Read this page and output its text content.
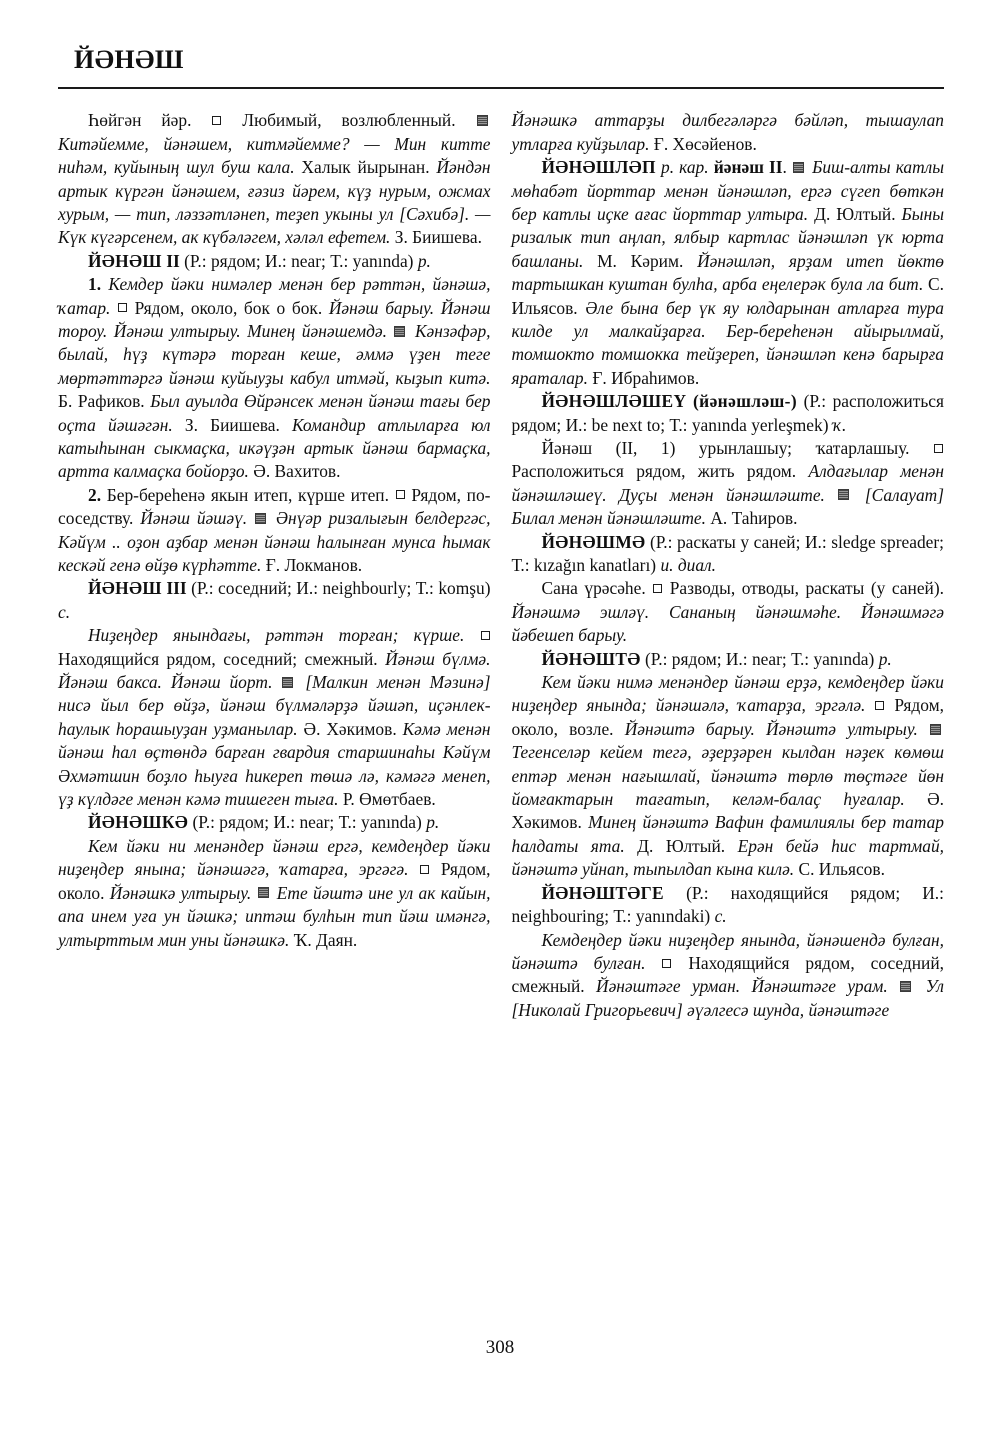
ЙӘНӘШ

Һөйгән йәр.	Любимый, возлюбленный.  Китәйемме, йәнәшем, китмәйемме? — Мин китте ниһәм, куйының шул буш кала. Халык йырынан. Йәндән артык күргән йәнәшем, ғәзиз йәрем, күҙ нурым, ожмах хурым, — тип, ләззәтләнеп, теҙеп укыны ул [Сәхибә]. — Күк күгәрсенем, ак күбәләгем, хәләл ефетем. З. Биишева.

ЙӘНӘШ II (Р.: рядом; И.: near; Т.: yanında) р.

1. Кемдер йәки нимәлер менән бер рәттән, йәнәшә, ҡатар. Рядом, около, бок о бок. Йәнәш барыу. Йәнәш тороу. Йәнәш ултырыу. Минең йәнәшемдә. Кәнзәфәр, былай, һүҙ күтәрә торған кеше, әммә үҙен теге мөртәттәргә йәнәш куйыуҙы кабул итмәй, кыҙып китә. Б. Рафиков. Был ауылда Өйрәнсек менән йәнәш тағы бер оҫта йәшәгән. З. Биишева. Командир атлыларға юл катыһынан сыкмаҫка, икәүҙән артык йәнәш бармаҫка, артта калмаҫка бойорҙо. Ә. Вахитов.

2. Бер-береһенә якын итеп, күрше итеп. Рядом, по-соседству. Йәнәш йәшәү. Әнүәр ризалығын белдергәс, Кәйүм .. оҙон аҙбар менән йәнәш һалынған мунса һымак кескәй генә өйҙө күрһәтте. Ғ. Локманов.

ЙӘНӘШ III (Р.: соседний; И.: neighbourly; Т.: komşu) с.

Ниҙеңдер янындағы, рәттән торған; күрше.  Находящийся рядом, соседний; смежный. Йәнәш бүлмә. Йәнәш бакса. Йәнәш йорт. [Малкин менән Мәзинә] нисә йыл бер өйҙә, йәнәш бүлмәләрҙә йәшәп, иҫәнлек-һаулык һорашыуҙан уҙманылар. Ә. Хәкимов. Кәмә менән йәнәш һал өҫтөндә барған гвардия старшинаһы Кәйүм Әхмәтшин боҙло һыуға һикереп төшә лә, кәмәгә менеп, үҙ күлдәге менән кәмә тишеген тыға. Р. Өмөтбаев.

ЙӘНӘШКӘ (Р.: рядом; И.: near; Т.: yanında) р.

Кем йәки ни менәндер йәнәш ергә, кемдеңдер йәки ниҙеңдер янына; йәнәшәгә, ҡатарға, эргәгә. Рядом, около. Йәнәшкә ултырыу. Ете йәштә ине ул ак кайын, апа инем уға ун йәшкә; иптәш булһын тип йәш имәнгә, ултырттым мин уны йәнәшкә. Ҡ. Даян.

Йәнәшкә аттарҙы дилбегәләргә бәйләп, тышаулап утларға куйҙылар. Ғ. Хөсәйенов.

ЙӘНӘШЛӘП р. кар. йәнәш II.  Биш-алты катлы мөһабәт йорттар менән йәнәшләп, ергә сүгеп бөткән бер катлы иҫке ағас йорттар ултыра. Д. Юлтый. Быны ризалык тип аңлап, ялбыр картлас йәнәшләп үк юрта башланы. М. Кәрим. Йәнәшләп, ярҙам итеп йөктө тартышкан куштан булһа, арба еңелерәк була ла бит. С. Ильясов. Әле бына бер үк яу юлдарынан атларға тура килде ул малкайҙарға. Бер-береһенән айырылмай, томшокто томшокка тейҙереп, йәнәшләп кенә барырға яраталар. Ғ. Ибраһимов.

ЙӘНӘШЛӘШЕҮ (йәнәшләш-) (Р.: расположиться рядом; И.: be next to; Т.: yanında yerleşmek) ҡ.

Йәнәш (II, 1) урынлашыу; ҡатарлашыу.  Расположиться рядом, жить рядом. Алдағылар менән йәнәшләшеү. Дуҫы менән йәнәшләште. [Салауат] Билал менән йәнәшләште. А. Таһиров.

ЙӘНӘШМӘ (Р.: раскаты у саней; И.: sledge spreader; Т.: kızağın kanatları) и. диал.

Сана үрәсәһе. Разводы, отводы, раскаты (у саней). Йәнәшмә эшләү. Сананың йәнәшмәһе. Йәнәшмәгә йәбешеп барыу.

ЙӘНӘШТӘ (Р.: рядом; И.: near; Т.: yanında) р.

Кем йәки нимә менәндер йәнәш ерҙә, кемдеңдер йәки ниҙеңдер янында; йәнәшәлә, ҡатарҙа, эргәлә. Рядом, около, возле. Йәнәштә барыу. Йәнәштә ултырыу.  Тегенселәр кейем тегә, әҙерҙәрен кылдан нәҙек көмөш ептәр менән нағышлай, йәнәштә төрлө төҫтәге йөн йомғактарын тағатып, келәм-балаҫ һуғалар. Ә. Хәкимов. Минең йәнәштә Вафин фамилиялы бер татар һалдаты ята. Д. Юлтый. Ерән бейә һис тартмай, йәнәштә уйнап, тыпылдап кына килә. С. Ильясов.

ЙӘНӘШТӘГЕ (Р.: находящийся рядом; И.: neighbouring; Т.: yanındaki) с.

Кемдеңдер йәки ниҙеңдер янында, йәнәшендә булған, йәнәштә булған. Находящийся рядом, соседний, смежный. Йәнәштәге урман. Йәнәштәге урам. Ул [Николай Григорьевич] әүәлгесә шунда, йәнәштәге

308
